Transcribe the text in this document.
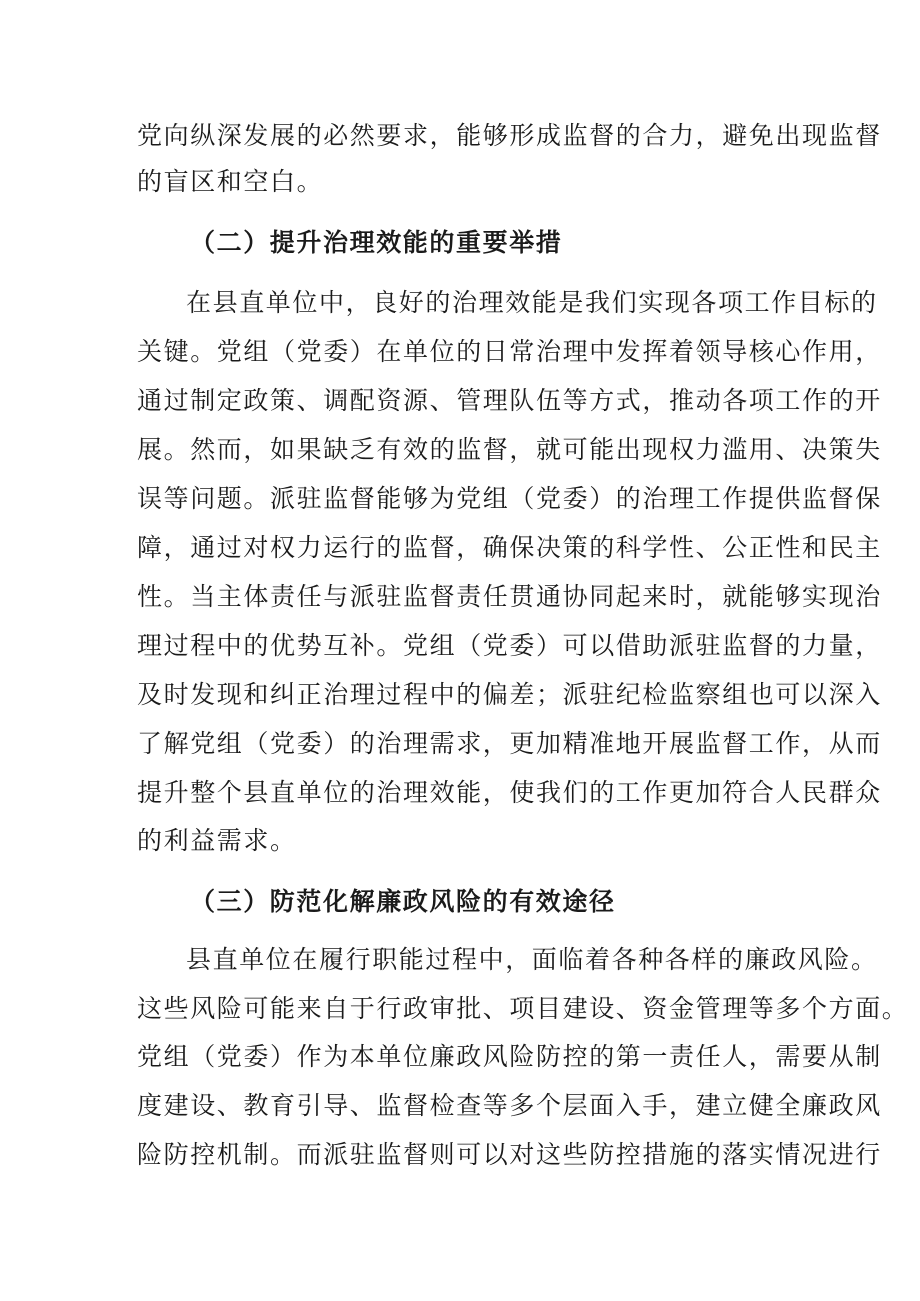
党向纵深发展的必然要求，能够形成监督的合力，避免出现监督
的盲区和空白。
（二）提升治理效能的重要举措
在县直单位中，良好的治理效能是我们实现各项工作目标的
关键。党组（党委）在单位的日常治理中发挥着领导核心作用，
通过制定政策、调配资源、管理队伍等方式，推动各项工作的开
展。然而，如果缺乏有效的监督，就可能出现权力滥用、决策失
误等问题。派驻监督能够为党组（党委）的治理工作提供监督保
障，通过对权力运行的监督，确保决策的科学性、公正性和民主
性。当主体责任与派驻监督责任贯通协同起来时，就能够实现治
理过程中的优势互补。党组（党委）可以借助派驻监督的力量，
及时发现和纠正治理过程中的偏差；派驻纪检监察组也可以深入
了解党组（党委）的治理需求，更加精准地开展监督工作，从而
提升整个县直单位的治理效能，使我们的工作更加符合人民群众
的利益需求。
（三）防范化解廉政风险的有效途径
县直单位在履行职能过程中，面临着各种各样的廉政风险。
这些风险可能来自于行政审批、项目建设、资金管理等多个方面。
党组（党委）作为本单位廉政风险防控的第一责任人，需要从制
度建设、教育引导、监督检查等多个层面入手，建立健全廉政风
险防控机制。而派驻监督则可以对这些防控措施的落实情况进行
